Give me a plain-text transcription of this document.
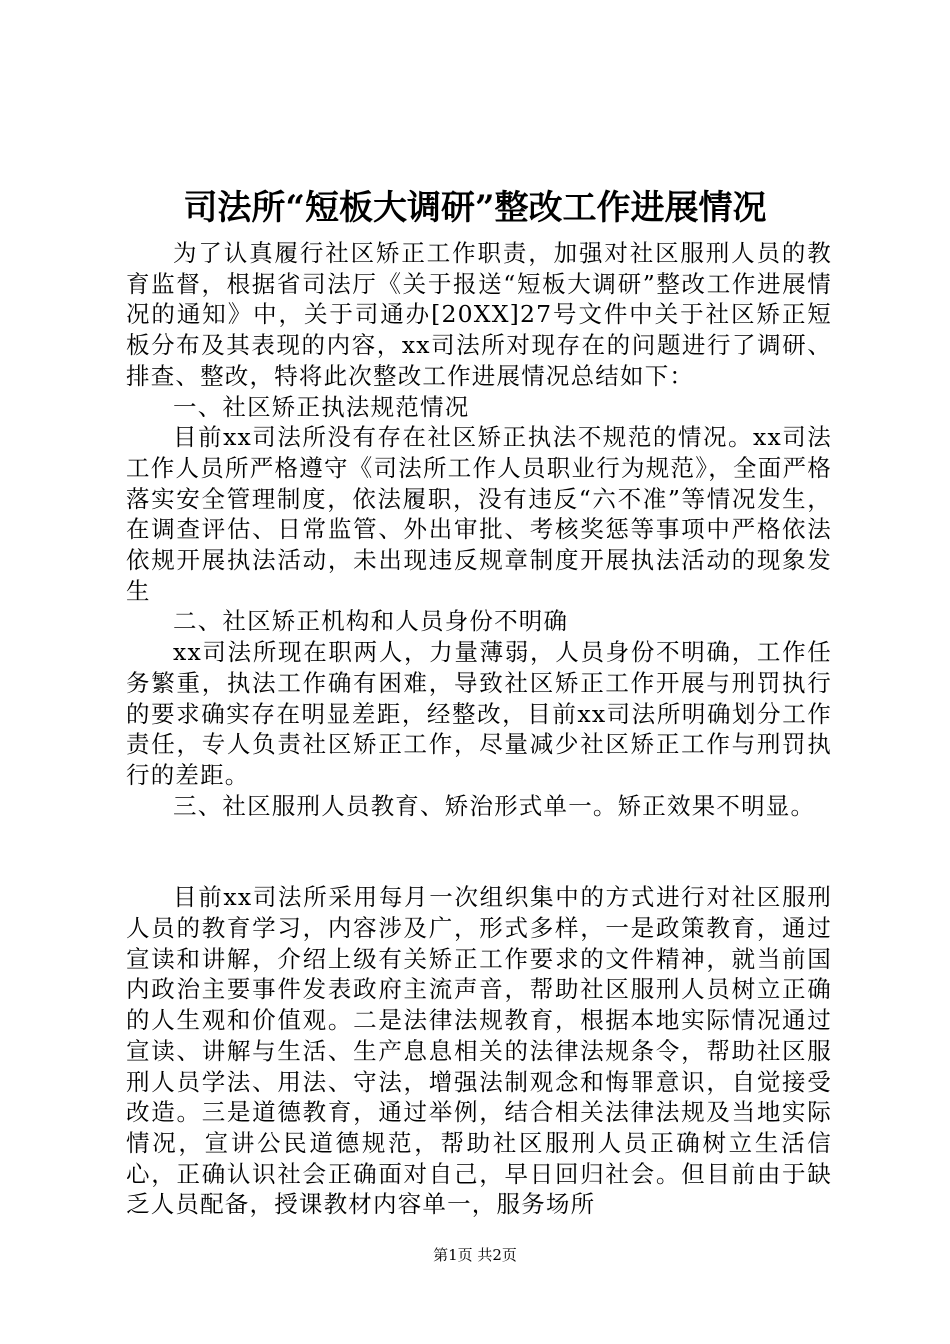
司法所“短板大调研”整改工作进展情况

为了认真履行社区矫正工作职责，加强对社区服刑人员的教育监督，根据省司法厅《关于报送“短板大调研”整改工作进展情况的通知》中，关于司通办[20XX]27号文件中关于社区矫正短板分布及其表现的内容，xx司法所对现存在的问题进行了调研、排查、整改，特将此次整改工作进展情况总结如下：

一、社区矫正执法规范情况

目前xx司法所没有存在社区矫正执法不规范的情况。xx司法工作人员所严格遵守《司法所工作人员职业行为规范》，全面严格落实安全管理制度，依法履职，没有违反“六不准”等情况发生，在调查评估、日常监管、外出审批、考核奖惩等事项中严格依法依规开展执法活动，未出现违反规章制度开展执法活动的现象发生

二、社区矫正机构和人员身份不明确

xx司法所现在职两人，力量薄弱，人员身份不明确，工作任务繁重，执法工作确有困难，导致社区矫正工作开展与刑罚执行的要求确实存在明显差距，经整改，目前xx司法所明确划分工作责任，专人负责社区矫正工作，尽量减少社区矫正工作与刑罚执行的差距。

三、社区服刑人员教育、矫治形式单一。矫正效果不明显。

目前xx司法所采用每月一次组织集中的方式进行对社区服刑人员的教育学习，内容涉及广，形式多样，一是政策教育，通过宣读和讲解，介绍上级有关矫正工作要求的文件精神，就当前国内政治主要事件发表政府主流声音，帮助社区服刑人员树立正确的人生观和价值观。二是法律法规教育，根据本地实际情况通过宣读、讲解与生活、生产息息相关的法律法规条令，帮助社区服刑人员学法、用法、守法，增强法制观念和悔罪意识，自觉接受改造。三是道德教育，通过举例，结合相关法律法规及当地实际情况，宣讲公民道德规范，帮助社区服刑人员正确树立生活信心，正确认识社会正确面对自己，早日回归社会。但目前由于缺乏人员配备，授课教材内容单一，服务场所

第1页 共2页
